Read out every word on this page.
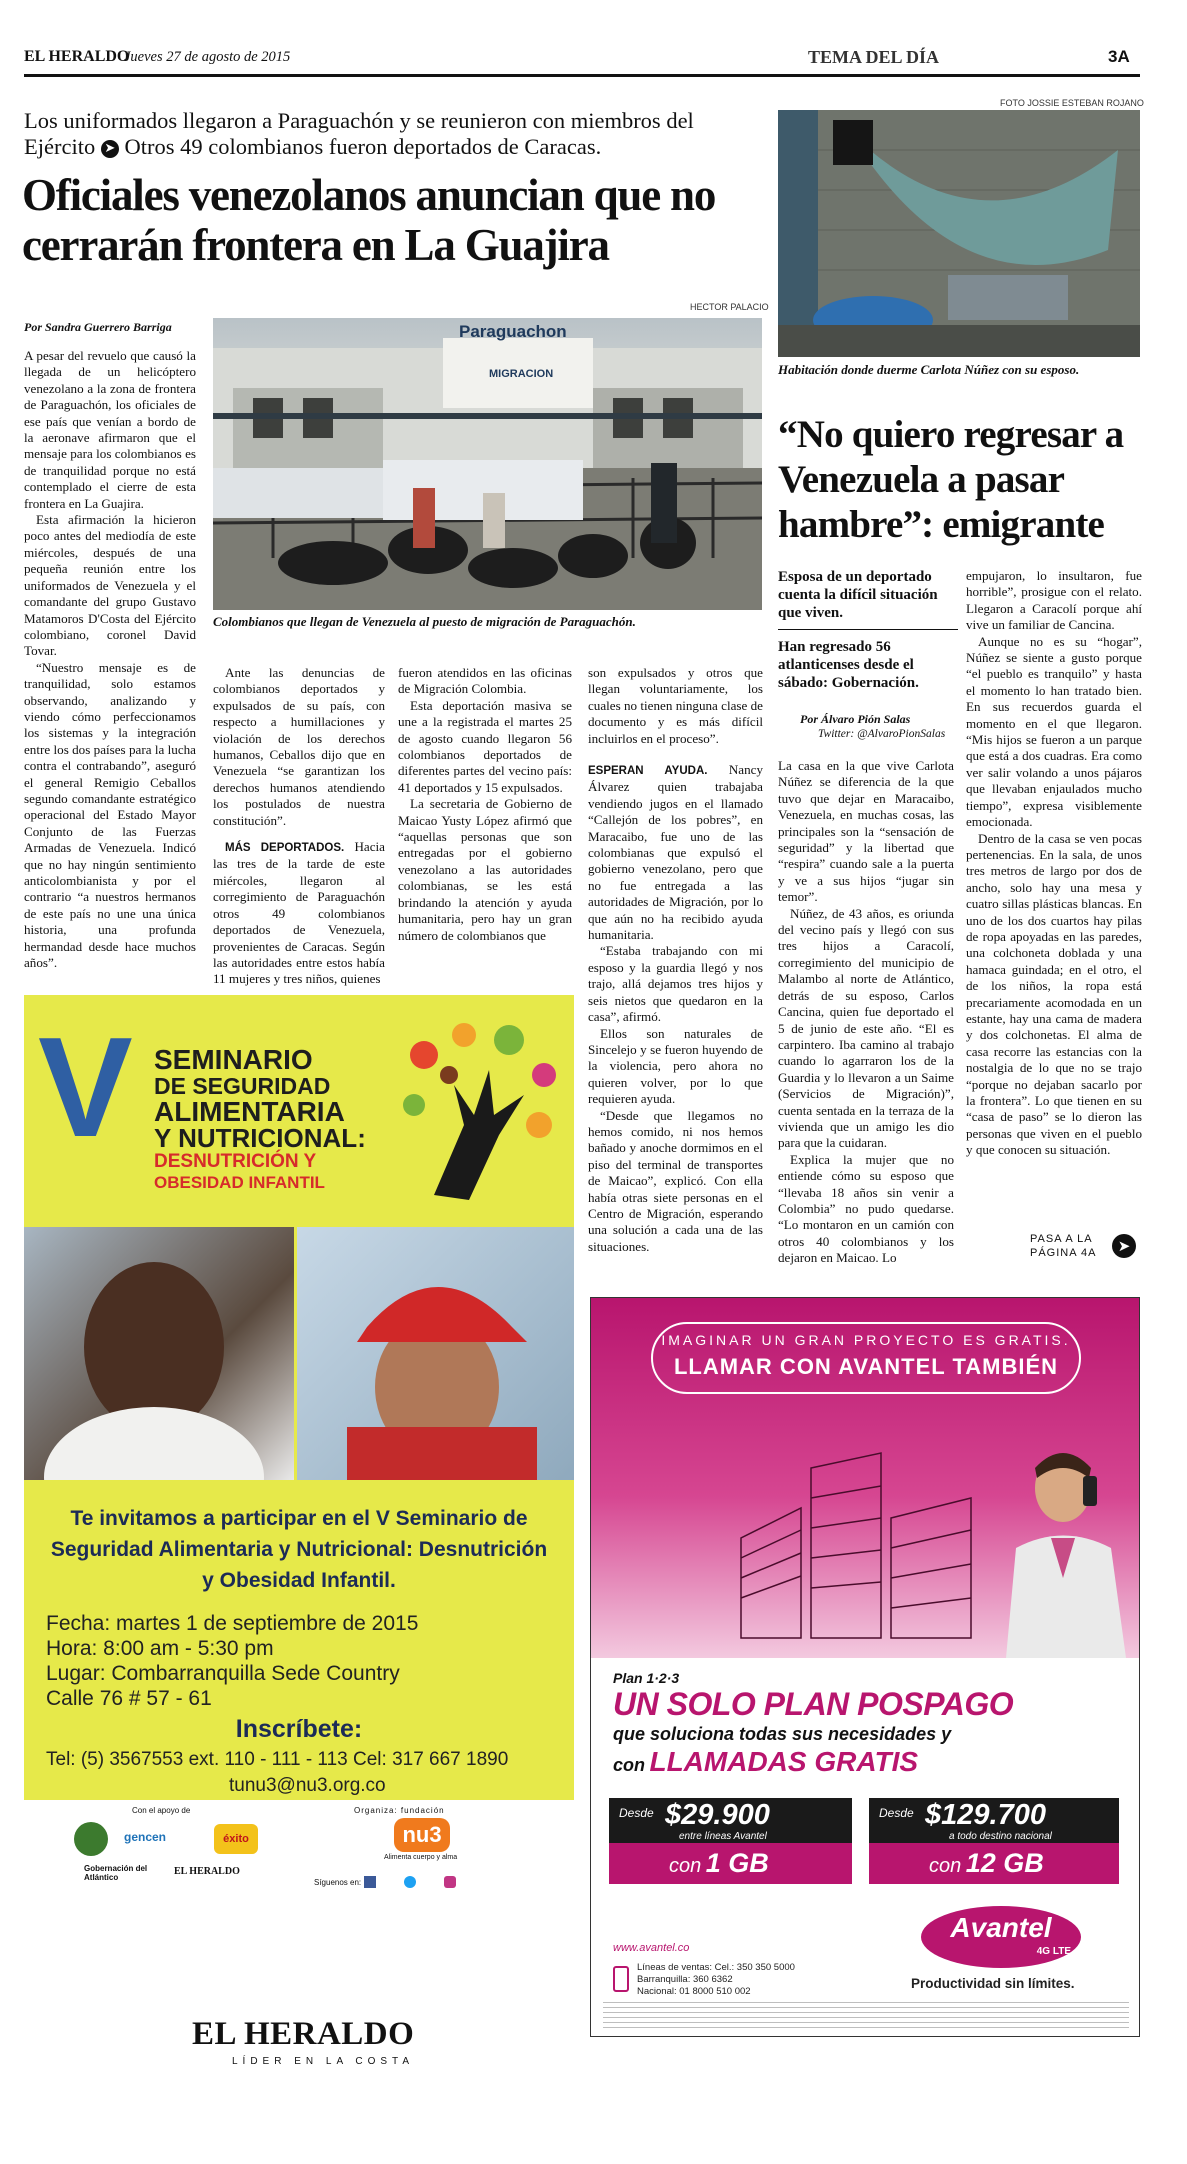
EL HERALDO
Jueves 27 de agosto de 2015	TEMA DEL DÍA	3A
Los uniformados llegaron a Paraguachón y se reunieron con miembros del Ejército ➤ Otros 49 colombianos fueron deportados de Caracas.
Oficiales venezolanos anuncian que no cerrarán frontera en La Guajira
Por Sandra Guerrero Barriga
HECTOR PALACIO
Paraguachon
MIGRACION
Colombianos que llegan de Venezuela al puesto de migración de Paraguachón.

A pesar del revuelo que causó la llegada de un helicóptero venezolano a la zona de frontera de Paraguachón, los oficiales de ese país que venían a bordo de la aeronave afirmaron que el mensaje para los colombianos es de tranquilidad porque no está contemplado el cierre de esta frontera en La Guajira.

Esta afirmación la hicieron poco antes del mediodía de este miércoles, después de una pequeña reunión entre los uniformados de Venezuela y el comandante del grupo Gustavo Matamoros D'Costa del Ejército colombiano, coronel David Tovar.

“Nuestro mensaje es de tranquilidad, solo estamos observando, analizando y viendo cómo perfeccionamos los sistemas y la integración entre los dos países para la lucha contra el contrabando”, aseguró el general Remigio Ceballos segundo comandante estratégico operacional del Estado Mayor Conjunto de las Fuerzas Armadas de Venezuela. Indicó que no hay ningún sentimiento anticolombianista y por el contrario “a nuestros hermanos de este país no une una única historia, una profunda hermandad desde hace muchos años”.

Ante las denuncias de colombianos deportados y expulsados de su país, con respecto a humillaciones y violación de los derechos humanos, Ceballos dijo que en Venezuela “se garantizan los derechos humanos atendiendo los postulados de nuestra constitución”.

MÁS DEPORTADOS. Hacia las tres de la tarde de este miércoles, llegaron al corregimiento de Paraguachón otros 49 colombianos deportados de Venezuela, provenientes de Caracas. Según las autoridades entre estos había 11 mujeres y tres niños, quienes

fueron atendidos en las oficinas de Migración Colombia.

Esta deportación masiva se une a la registrada el martes 25 de agosto cuando llegaron 56 colombianos deportados de diferentes partes del vecino país: 41 deportados y 15 expulsados.

La secretaria de Gobierno de Maicao Yusty López afirmó que “aquellas personas que son entregadas por el gobierno venezolano a las autoridades colombianas, se les está brindando la atención y ayuda humanitaria, pero hay un gran número de colombianos que

son expulsados y otros que llegan voluntariamente, los cuales no tienen ninguna clase de documento y es más difícil incluirlos en el proceso”.

FOTO JOSSIE ESTEBAN ROJANO
Habitación donde duerme Carlota Núñez con su esposo.
“No quiero regresar a Venezuela a pasar hambre”: emigrante
Esposa de un deportado cuenta la difícil situación que viven.
Han regresado 56 atlanticenses desde el sábado: Gobernación.
Por Álvaro Pión Salas
Twitter: @AlvaroPionSalas

ESPERAN AYUDA. Nancy Álvarez quien trabajaba vendiendo jugos en el llamado “Callejón de los pobres”, en Maracaibo, fue uno de las colombianas que expulsó el gobierno venezolano, pero que no fue entregada a las autoridades de Migración, por lo que aún no ha recibido ayuda humanitaria.

“Estaba trabajando con mi esposo y la guardia llegó y nos trajo, allá dejamos tres hijos y seis nietos que quedaron en la casa”, afirmó.

Ellos son naturales de Sincelejo y se fueron huyendo de la violencia, pero ahora no quieren volver, por lo que requieren ayuda.

“Desde que llegamos no hemos comido, ni nos hemos bañado y anoche dormimos en el piso del terminal de transportes de Maicao”, explicó. Con ella había otras siete personas en el Centro de Migración, esperando una solución a cada una de las situaciones.

La casa en la que vive Carlota Núñez se diferencia de la que tuvo que dejar en Maracaibo, Venezuela, en muchas cosas, las principales son la “sensación de seguridad” y la libertad que “respira” cuando sale a la puerta y ve a sus hijos “jugar sin temor”.

Núñez, de 43 años, es oriunda del vecino país y llegó con sus tres hijos a Caracolí, corregimiento del municipio de Malambo al norte de Atlántico, detrás de su esposo, Carlos Cancina, quien fue deportado el 5 de junio de este año. “El es carpintero. Iba camino al trabajo cuando lo agarraron los de la Guardia y lo llevaron a un Saime (Servicios de Migración)”, cuenta sentada en la terraza de la vivienda que un amigo les dio para que la cuidaran.

Explica la mujer que no entiende cómo su esposo que “llevaba 18 años sin venir a Colombia” no pudo quedarse. “Lo montaron en un camión con otros 40 colombianos y los dejaron en Maicao. Lo

empujaron, lo insultaron, fue horrible”, prosigue con el relato. Llegaron a Caracolí porque ahí vive un familiar de Cancina.

Aunque no es su “hogar”, Núñez se siente a gusto porque “el pueblo es tranquilo” y hasta el momento lo han tratado bien. En sus recuerdos guarda el momento en el que llegaron. “Mis hijos se fueron a un parque que está a dos cuadras. Era como ver salir volando a unos pájaros que llevaban enjaulados mucho tiempo”, expresa visiblemente emocionada.

Dentro de la casa se ven pocas pertenencias. En la sala, de unos tres metros de largo por dos de ancho, solo hay una mesa y cuatro sillas plásticas blancas. En uno de los dos cuartos hay pilas de ropa apoyadas en las paredes, una colchoneta doblada y una hamaca guindada; en el otro, el de los niños, la ropa está precariamente acomodada en un estante, hay una cama de madera y dos colchonetas. El alma de casa recorre las estancias con la nostalgia de lo que no se trajo “porque no dejaban sacarlo por la frontera”. Lo que tienen en su “casa de paso” se lo dieron las personas que viven en el pueblo y que conocen su situación.

PASA A LA
PÁGINA 4A	➤
V SEMINARIO
DE SEGURIDAD
ALIMENTARIA
Y NUTRICIONAL:
DESNUTRICIÓN Y
OBESIDAD INFANTIL
Te invitamos a participar en el V Seminario de Seguridad Alimentaria y Nutricional: Desnutrición y Obesidad Infantil.
Fecha: martes 1 de septiembre de 2015
Hora: 8:00 am - 5:30 pm
Lugar: Combarranquilla Sede Country
Calle 76 # 57 - 61
Inscríbete:
Tel: (5) 3567553 ext. 110 - 111 - 113 Cel: 317 667 1890
tunu3@nu3.org.co
Con el apoyo de
gencen	éxito
Gobernación del Atlántico
EL HERALDO
Organiza: fundación
nu3
Alimenta cuerpo y alma
Síguenos en:
EL HERALDO
LÍDER EN LA COSTA
IMAGINAR UN GRAN PROYECTO ES GRATIS.
LLAMAR CON AVANTEL TAMBIÉN
Plan 1·2·3
UN SOLO PLAN POSPAGO
que soluciona todas sus necesidades y
con LLAMADAS GRATIS
Desde $29.900
entre líneas Avantel
con 1 GB
Desde $129.700
a todo destino nacional
con 12 GB
Avantel
4G LTE
www.avantel.co
Líneas de ventas: Cel.: 350 350 5000
Barranquilla: 360 6362
Nacional: 01 8000 510 002
Productividad sin límites.
